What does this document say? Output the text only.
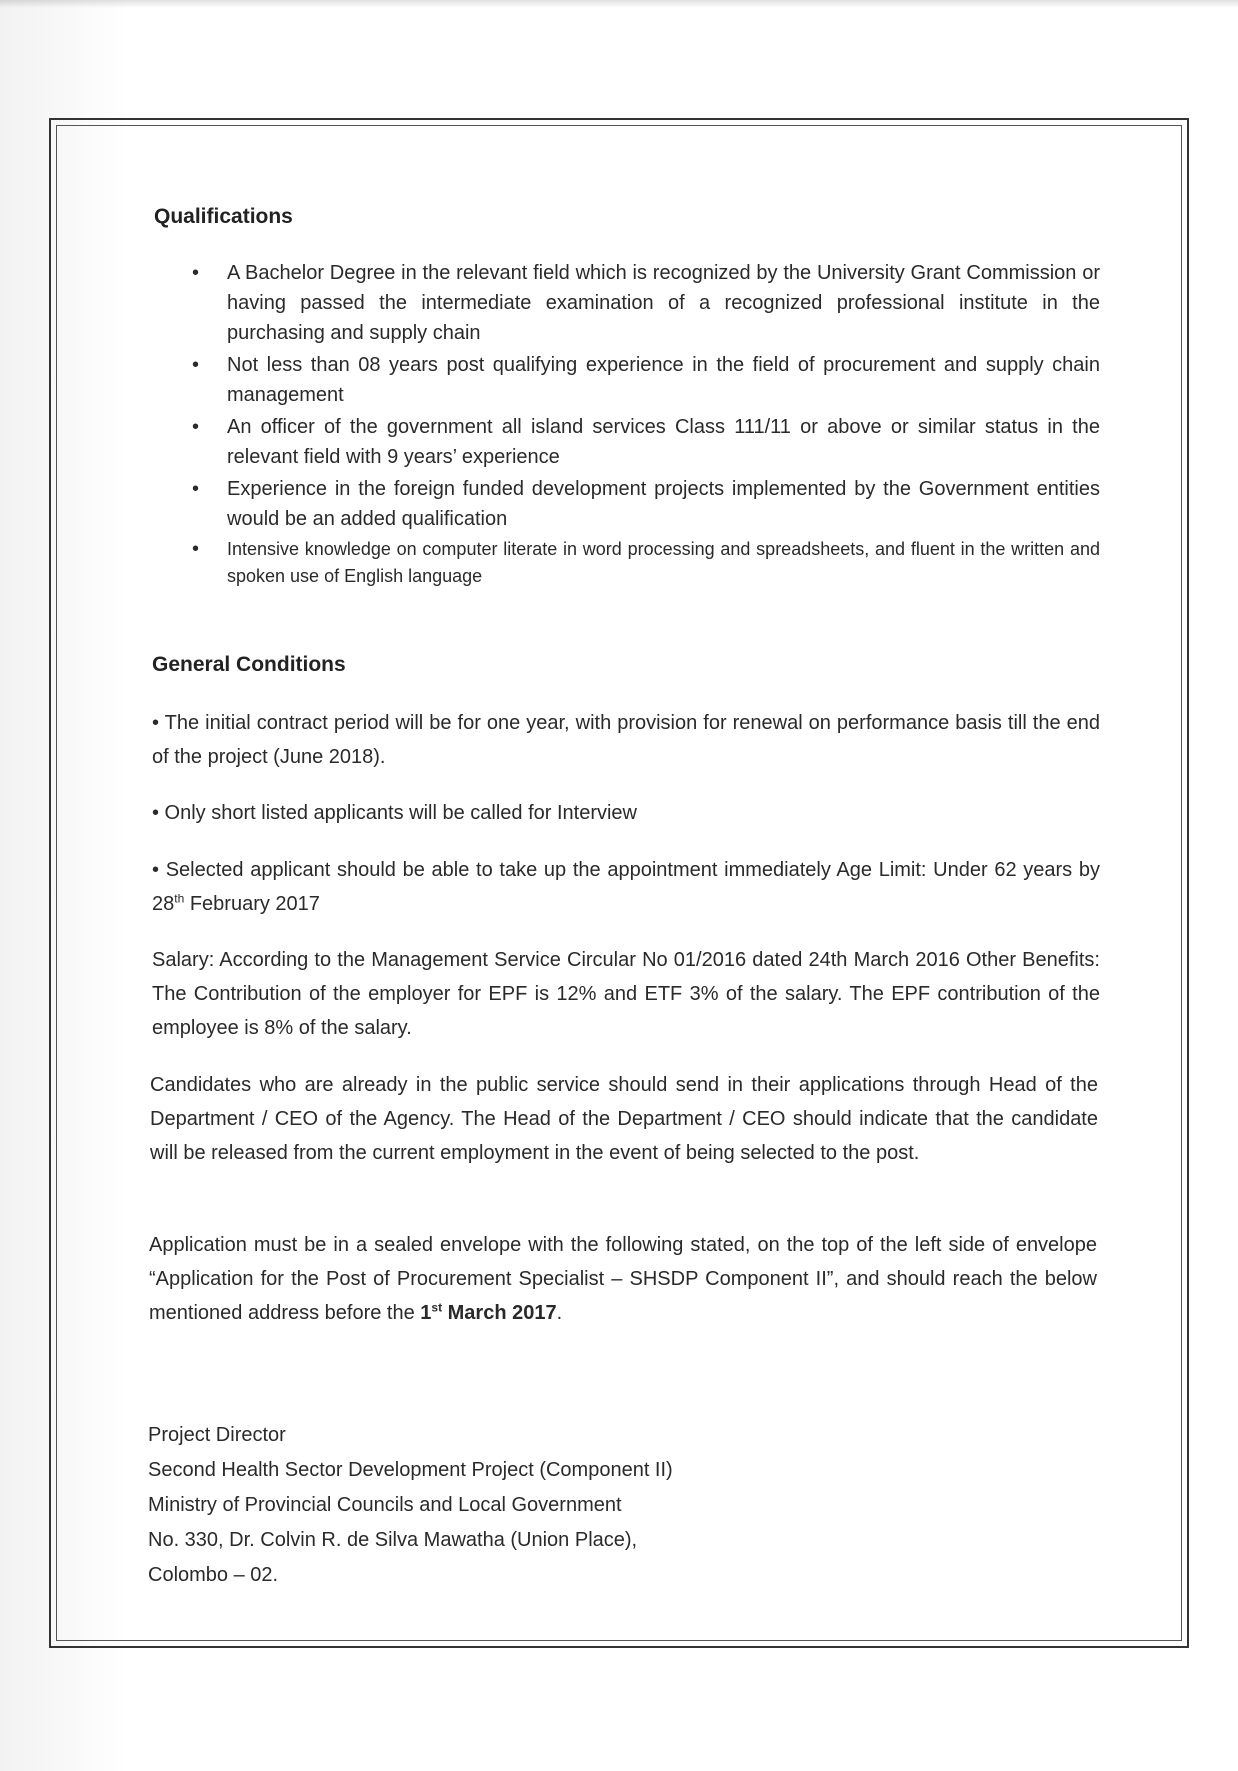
Qualifications
• A Bachelor Degree in the relevant field which is recognized by the University Grant Commission or having passed the intermediate examination of a recognized professional institute in the purchasing and supply chain
• Not less than 08 years post qualifying experience in the field of procurement and supply chain management
• An officer of the government all island services Class 111/11 or above or similar status in the relevant field with 9 years’ experience
• Experience in the foreign funded development projects implemented by the Government entities would be an added qualification
• Intensive knowledge on computer literate in word processing and spreadsheets, and fluent in the written and spoken use of English language
General Conditions

• The initial contract period will be for one year, with provision for renewal on performance basis till the end of the project (June 2018).

• Only short listed applicants will be called for Interview

• Selected applicant should be able to take up the appointment immediately Age Limit: Under 62 years by 28th February 2017

Salary: According to the Management Service Circular No 01/2016 dated 24th March 2016 Other Benefits: The Contribution of the employer for EPF is 12% and ETF 3% of the salary. The EPF contribution of the employee is 8% of the salary.

Candidates who are already in the public service should send in their applications through Head of the Department / CEO of the Agency. The Head of the Department / CEO should indicate that the candidate will be released from the current employment in the event of being selected to the post.

Application must be in a sealed envelope with the following stated, on the top of the left side of envelope “Application for the Post of Procurement Specialist – SHSDP Component II”, and should reach the below mentioned address before the 1st March 2017.

Project Director
Second Health Sector Development Project (Component II)
Ministry of Provincial Councils and Local Government
No. 330, Dr. Colvin R. de Silva Mawatha (Union Place),
Colombo – 02.
